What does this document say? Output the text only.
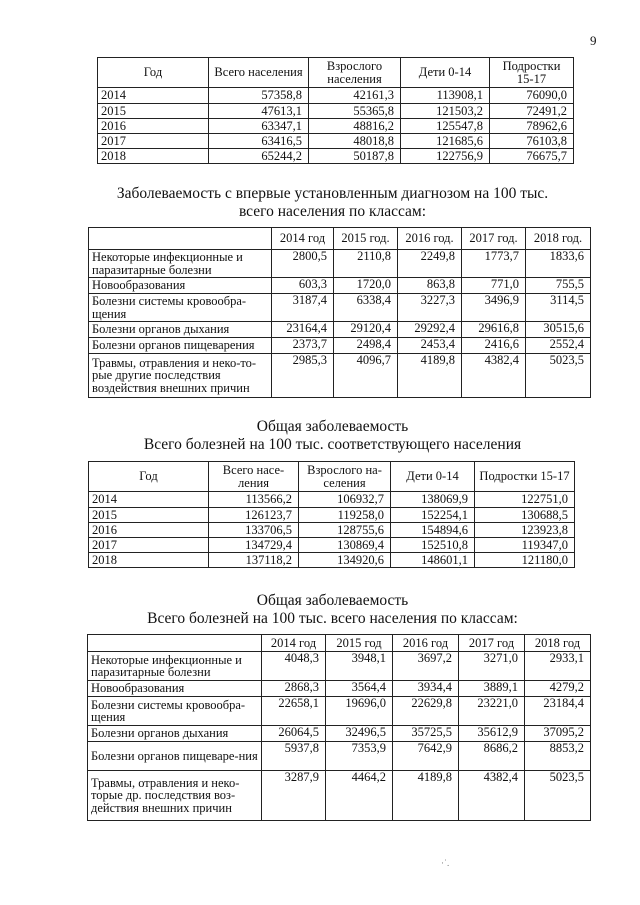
9
Год	Всего населения	Взрослого населения	Дети 0-14	Подростки 15-17
2014	57358,8	42161,3	113908,1	76090,0
2015	47613,1	55365,8	121503,2	72491,2
2016	63347,1	48816,2	125547,8	78962,6
2017	63416,5	48018,8	121685,6	76103,8
2018	65244,2	50187,8	122756,9	76675,7
Заболеваемость с впервые установленным диагнозом на 100 тыс.
всего населения по классам:
	2014 год	2015 год.	2016 год.	2017 год.	2018 год.
Некоторые инфекционные и паразитарные болезни	2800,5	2110,8	2249,8	1773,7	1833,6
Новообразования	603,3	1720,0	863,8	771,0	755,5
Болезни системы кровообра-щения	3187,4	6338,4	3227,3	3496,9	3114,5
Болезни органов дыхания	23164,4	29120,4	29292,4	29616,8	30515,6
Болезни органов пищеварения	2373,7	2498,4	2453,4	2416,6	2552,4
Травмы, отравления и неко-то-рые другие последствия воздействия внешних причин	2985,3	4096,7	4189,8	4382,4	5023,5
Общая заболеваемость
Всего болезней на 100 тыс. соответствующего населения
Год	Всего насе-ления	Взрослого на-селения	Дети 0-14	Подростки 15-17
2014	113566,2	106932,7	138069,9	122751,0
2015	126123,7	119258,0	152254,1	130688,5
2016	133706,5	128755,6	154894,6	123923,8
2017	134729,4	130869,4	152510,8	119347,0
2018	137118,2	134920,6	148601,1	121180,0
Общая заболеваемость
Всего болезней на 100 тыс. всего населения по классам:
	2014 год	2015 год	2016 год	2017 год	2018 год
Некоторые инфекционные и паразитарные болезни	4048,3	3948,1	3697,2	3271,0	2933,1
Новообразования	2868,3	3564,4	3934,4	3889,1	4279,2
Болезни системы кровообра-щения	22658,1	19696,0	22629,8	23221,0	23184,4
Болезни органов дыхания	26064,5	32496,5	35725,5	35612,9	37095,2
Болезни органов пищеваре-ния	5937,8	7353,9	7642,9	8686,2	8853,2
Травмы, отравления и неко-торые др. последствия воз-действия внешних причин	3287,9	4464,2	4189,8	4382,4	5023,5
·˙.
